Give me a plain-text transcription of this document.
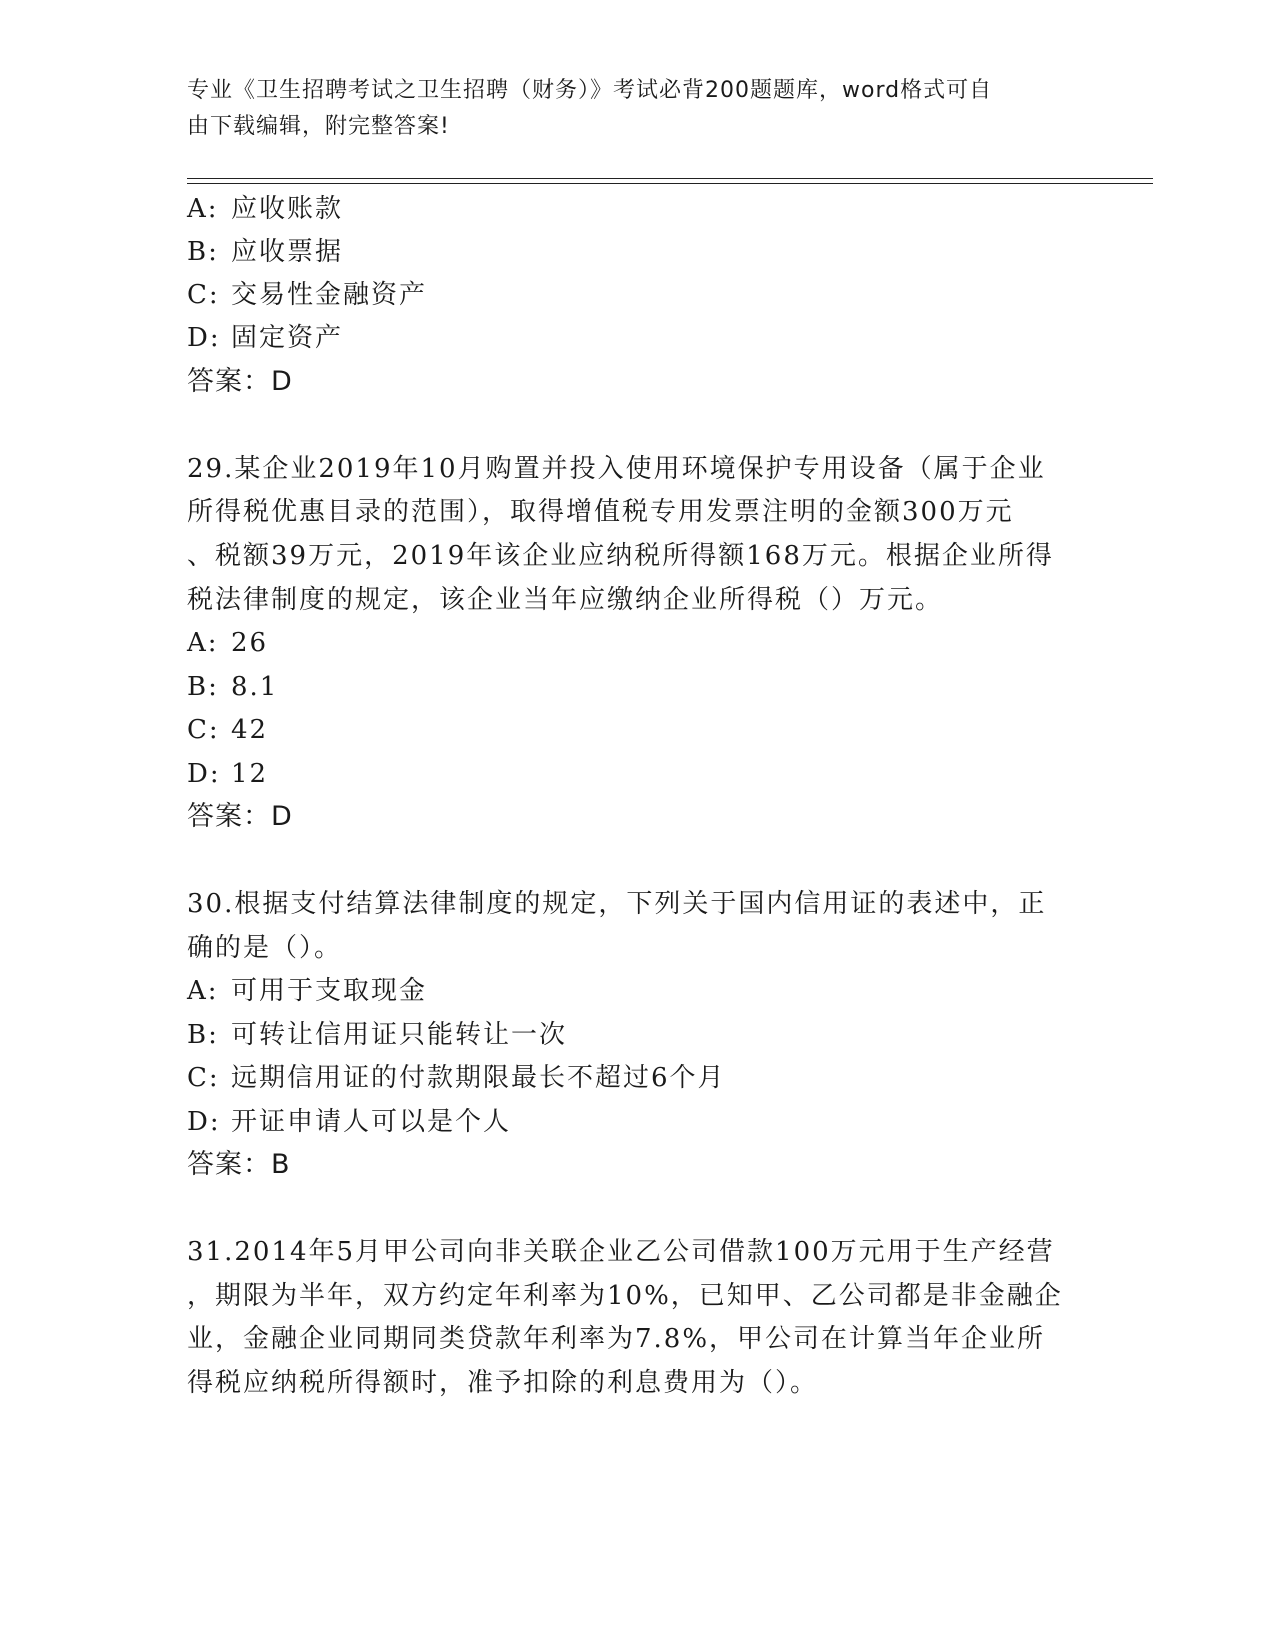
专业《卫生招聘考试之卫生招聘（财务）》考试必背200题题库，word格式可自
由下载编辑，附完整答案!
A: 应收账款
B: 应收票据
C: 交易性金融资产
D: 固定资产
答案：D
29.某企业2019年10月购置并投入使用环境保护专用设备（属于企业
所得税优惠目录的范围），取得增值税专用发票注明的金额300万元
、税额39万元，2019年该企业应纳税所得额168万元。根据企业所得
税法律制度的规定，该企业当年应缴纳企业所得税（）万元。
A: 26
B: 8.1
C: 42
D: 12
答案：D
30.根据支付结算法律制度的规定，下列关于国内信用证的表述中，正
确的是（）。
A: 可用于支取现金
B: 可转让信用证只能转让一次
C: 远期信用证的付款期限最长不超过6个月
D: 开证申请人可以是个人
答案：B
31.2014年5月甲公司向非关联企业乙公司借款100万元用于生产经营
，期限为半年，双方约定年利率为10%，已知甲、乙公司都是非金融企
业，金融企业同期同类贷款年利率为7.8%，甲公司在计算当年企业所
得税应纳税所得额时，准予扣除的利息费用为（）。
